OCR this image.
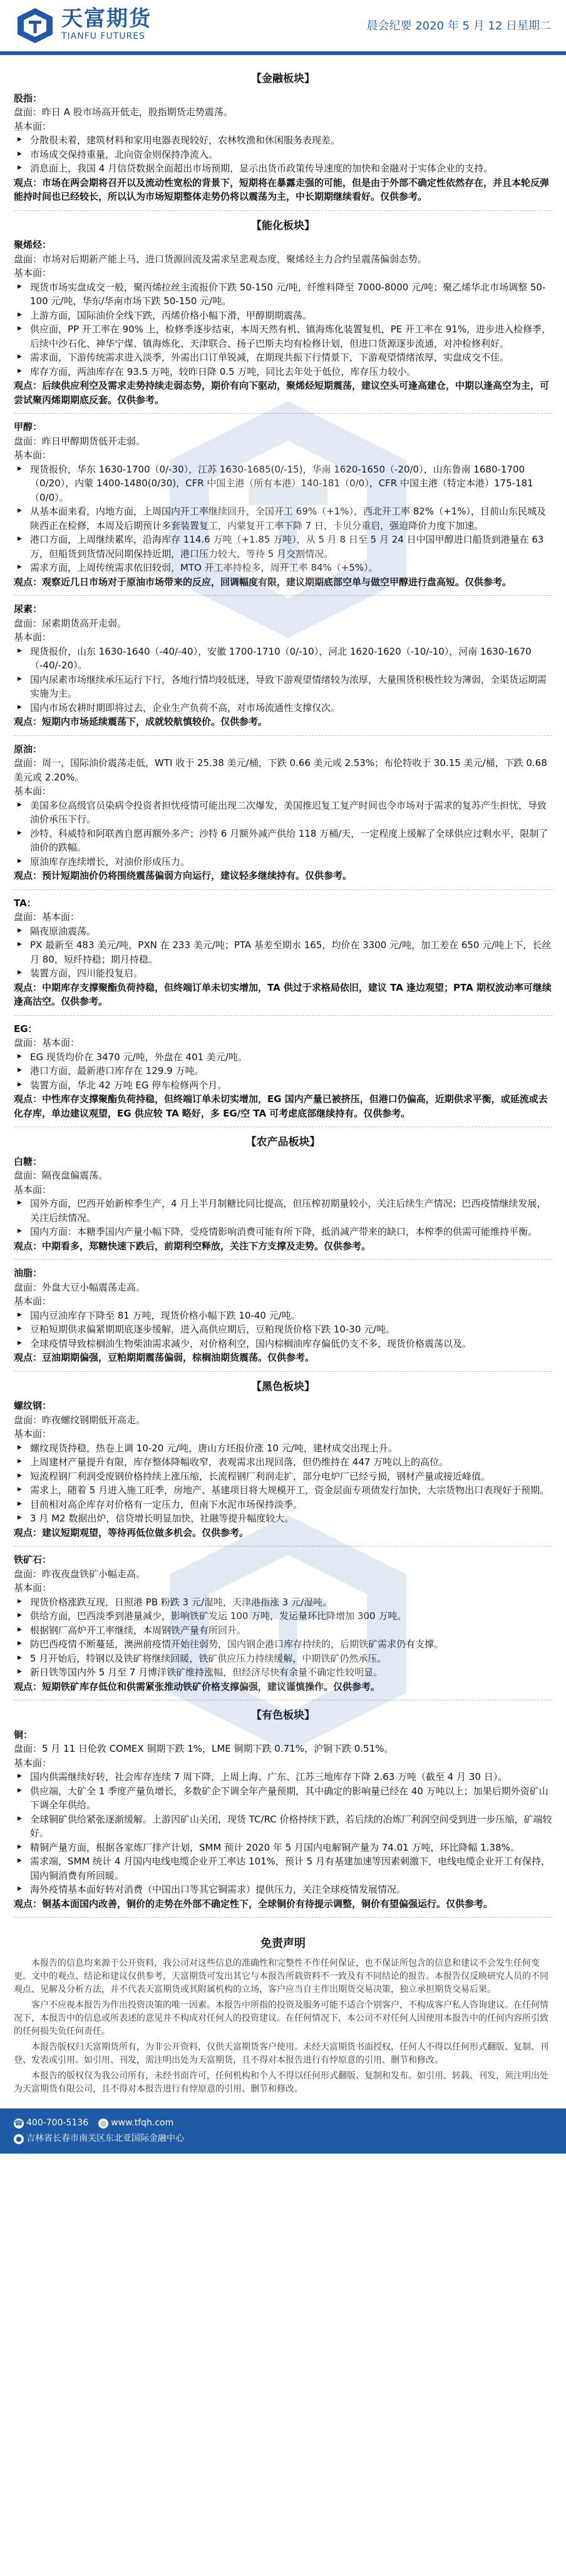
天富期货
TIANFU FUTURES
晨会纪要 2020 年 5 月 12 日星期二
【金融板块】
股指：
盘面：昨日 A 股市场高开低走，股指期货走势震荡。
基本面：
▶ 分散很未着，建筑材料和家用电器表现较好，农林牧渔和休闲服务表现差。
▶ 市场成交保持重量，北向资金则保持净流入。
▶ 消息面上，我国 4 月信贷数据全面超出市场预期，显示出货币政策传导速度的加快和金融对于实体企业的支持。
观点：市场在两会期将召开以及流动性宽松的背景下，短期将在暴露走强的可能，但是由于外部不确定性依然存在，并且本轮反弹能持时间也已经较长，所以认为市场短期整体走势仍将以震荡为主，中长期期继续看好。仅供参考。
【能化板块】
聚烯烃：
盘面：市场对后期新产能上马、进口货源回流及需求呈悲观态度，聚烯烃主力合约呈震荡偏弱态势。
基本面：
▶ 现货市场实盘成交一般，聚丙烯拉丝主流报价下跌 50-150 元/吨，纤维料降至 7000-8000 元/吨；聚乙烯华北市场调整 50-100 元/吨，华东/华南市场下跌 50-150 元/吨。
▶ 上游方面，国际油价全线下跌，丙烯价格小幅下滑，甲醇期期震荡。
▶ 供应面，PP 开工率在 90% 上，检修季逐步结束，本周天然有机、镇海炼化装置复机，PE 开工率在 91%，进步进入检修季，后续中沙石化、神华宁煤、镇海炼化、天津联合、扬子巴斯夫均有检修计划，但进口货源逐步流通，对冲检修利好。
▶ 需求面，下游传统需求进入淡季，外需出口订单锐减，在期现共振下行情景下，下游观望情绪浓厚，实盘成交不佳。
▶ 库存方面，两油库存在 93.5 万吨，较昨日降 0.5 万吨，同比去年处于低位，库存压力较小。
观点：后续供应利空及需求走势持续走弱态势，期价有向下驱动，聚烯烃短期震荡，建议空头可逢高建仓，中期以逢高空为主，可尝试聚丙烯期期底反套。仅供参考。
甲醇：
盘面：昨日甲醇期货低开走弱。
基本面：
▶ 现货报价，华东 1630-1700（0/-30），江苏 1630-1685(0/-15)，华南 1620-1650（-20/0），山东鲁南 1680-1700（0/20），内蒙 1400-1480(0/30)，CFR 中国主港（所有本港）140-181（0/0），CFR 中国主港（特定本港）175-181（0/0）。
▶ 从基本面来看，内地方面，上周国内开工率继续回升，全国开工 69%（+1%），西北开工率 82%（+1%），目前山东民城及陕西正在检修，本周及后期预计多套装置复工，内蒙复开工率下降 7 日，卡贝分重启，强迫降价力度下加速。
▶ 港口方面，上周继续累库，沿海库存 114.6 万吨（+1.85 万吨），从 5 月 8 日至 5 月 24 日中国甲醇进口船货到港量在 63 万，但船货到货情况同期保持近期，港口压力较大，等待 5 月交割情况。
▶ 需求方面，上周传统需求依旧较弱，MTO 开工率持检多，周开工率 84%（+5%）。
观点：观察近几日市场对于原油市场带来的反应，回调幅度有限，建议期期底部空单与做空甲醇进行盘高短。仅供参考。
尿素：
盘面：尿素期货高开走弱。
基本面：
▶ 现货报价，山东 1630-1640（-40/-40），安徽 1700-1710（0/-10），河北 1620-1620（-10/-10），河南 1630-1670（-40/-20）。
▶ 国内尿素市场继续承压运行下行，各地行情均较低迷，导致下游观望情绪较为浓厚，大量围货积极性较为薄弱，全渠货运期需实施为主。
▶ 国内市场农耕时期即将过去，企业生产负荷不高，对市场流通性支撑仅次。
观点：短期内市场延续震荡下，成就较航慎较价。仅供参考。
原油：
盘面：周一，国际油价震荡走低，WTI 收于 25.38 美元/桶，下跌 0.66 美元或 2.53%；布伦特收于 30.15 美元/桶，下跌 0.68 美元或 2.20%。
基本面：
▶ 美国多位高级官员染病令投资者担忧疫情可能出现二次爆发，美国推迟复工复产时间也令市场对于需求的复苏产生担忧，导致油价承压下行。
▶ 沙特、科威特和阿联酋自愿再额外多产；沙特 6 月额外减产供给 118 万桶/天，一定程度上缓解了全球供应过剩水平，限制了油价的跌幅。
▶ 原油库存连续增长，对油价形成压力。
观点：预计短期油价仍将围绕震荡偏弱方向运行，建议轻多继续持有。仅供参考。
TA：
盘面：基本面：
▶ 隔夜原油震荡。
▶ PX 最新至 483 美元/吨，PXN 在 233 美元/吨；PTA 基差至期水 165，均价在 3300 元/吨，加工差在 650 元/吨上下，长丝月 80，短纤持稳；期月持稳。
▶ 装置方面，四川能投复启。
观点：中期库存支撑聚酯负荷持稳，但终端订单未切实增加，TA 供过于求格局依旧，建议 TA 逢边观望；PTA 期权波动率可继续逢高沽空。仅供参考。
EG：
盘面：基本面：
▶ EG 现货均价在 3470 元/吨，外盘在 401 美元/吨。
▶ 港口方面，最新港口库存在 129.9 万吨。
▶ 装置方面，华北 42 万吨 EG 停车检修两个月。
观点：中性库存支撑聚酯负荷持稳，但终端订单未切实增加，EG 国内产量已被挤压，但港口仍偏高，近期供求平衡，或延流或去化存库，单边建议观望，EG 供应较 TA 略好，多 EG/空 TA 可考虑底部继续持有。仅供参考。
【农产品板块】
白糖：
盘面：隔夜盘偏震荡。
基本面：
▶ 国外方面，巴西开始新榨季生产，4 月上半月制糖比同比提高，但压榨初期量较小，关注后续生产情况；巴西疫情继续发展，关注后续情况。
▶ 国内方面：本糖季国内产量小幅下降，受疫情影响消费可能有所下降，抵消减产带来的缺口，本榨季的供需可能维持平衡。
观点：中期看多，郑糖快速下跌后，前期利空释放，关注下方支撑及走势。仅供参考。
油脂：
盘面：外盘大豆小幅震荡走高。
基本面：
▶ 国内豆油库存下降至 81 万吨，现货价格小幅下跌 10-40 元/吨。
▶ 豆粕短期供求偏紧期期底逐步缓解，进入高供应期后，豆粕现货价格下跌 10-30 元/吨。
▶ 全球疫情导致棕榈油生物柴油需求减少，对价格利空，国内棕榈油库存偏低仍支不多，现货价格震荡以及。
观点：豆油期期偏强，豆粕期期震荡偏弱，棕榈油期货震荡。仅供参考。
【黑色板块】
螺纹钢：
盘面：昨夜螺纹钢期低开高走。
基本面：
▶ 螺纹现货持稳，热卷上调 10-20 元/吨，唐山方坯报价涨 10 元/吨，建材成交出现上升。
▶ 上周建材产量提升有限，库存整体降幅收窄，表观需求出现回落，但仍维持在 447 万吨以上的高位。
▶ 短流程钢厂利润受废钢价格持续上涨压缩，长流程钢厂利润走扩，部分电炉厂已经亏损，钢材产量或接近峰值。
▶ 需求上，随着 5 月进入施工旺季，房地产、基建项目将大规模开工，资金层面专项债发行加快，大宗货物出口表现好于预期。
▶ 目前相对高企库存对价格有一定压力，但南下水泥市场保持淡季。
▶ 3 月 M2 数据出炉，信贷增长明显加快，社融等提升幅度较大。
观点：建议短期观望，等待再低位做多机会。仅供参考。
铁矿石：
盘面：昨夜夜盘铁矿小幅走高。
基本面：
▶ 现货价格涨跌互现，日照港 PB 粉跌 3 元/湿吨，天津港指涨 3 元/湿吨。
▶ 供给方面，巴西淡季到港量减少，影响铁矿发运 100 万吨，发运量环比降增加 300 万吨。
▶ 根据钢厂高炉开工率继续，本周钢铁产量有所回升。
▶ 防巴西疫情不断蔓延，澳洲前疫情开始往弱势，国内钢企港口库存持续的，后期铁矿需求仍有支撑。
▶ 5 月开始后，特钢以及铁矿将继续回暖，铁矿供应压力持续缓解，中期铁矿仍然承压。
▶ 新日铁等国内外 5 月至 7 月博洋铁矿维持涨幅，但经济尽快有余量不确定性较明显。
观点：短期铁矿库存低位和供需紧张推动铁矿价格支撑偏强，建议谨慎操作。仅供参考。
【有色板块】
铜：
盘面：5 月 11 日伦敦 COMEX 铜期下跌 1%，LME 铜期下跌 0.71%，沪铜下跌 0.51%。
基本面：
▶ 国内供需继续好转，社会库存连续 7 周下降，上周上海、广东、江苏三地库存下降 2.63 万吨（截至 4 月 30 日）。
▶ 供应端，大矿全 1 季度产量负增长，多数矿企下调全年产量预期，其中确定的影响量已经在 40 万吨以上；加果后期外资矿山下调全年供给。
▶ 全球铜矿供给紧张逐渐缓解。上游因矿山关闭，现货 TC/RC 价格持续下跌，若后续的冶炼厂利润空间受到进一步压缩，矿端较好。
▶ 精铜产量方面，根据各家炼厂排产计划，SMM 预计 2020 年 5 月国内电解铜产量为 74.01 万吨，环比降幅 1.38%。
▶ 需求端，SMM 统计 4 月国内电线电缆企业开工率达 101%，预计 5 月有基建加速等因素刺激下，电线电缆企业开工有保持，国内铜消费有所回暖。
▶ 海外疫情基本面好转对消费（中国出口等其它铜需求）提供压力，关注全球疫情发展情况。
观点：铜基本面国内改善，铜价的走势在外部不确定性下，全球铜价有待提示调整，铜价有望偏强运行。仅供参考。
免责声明

本报告的信息均来源于公开资料，我公司对这些信息的准确性和完整性不作任何保证，也不保证所包含的信息和建议不会发生任何变更。文中的观点、结论和建议仅供参考，天富期货可发出其它与本报告所载资料不一致及有不同结论的报告。本报告仅反映研究人员的不同观点、见解及分析方法，并不代表天富期货或其附属机构的立场，客户应当自主作出期货交易决策，独立承担期货交易后果。

客户不应视本报告为作出投资决策的唯一因素。本报告中所指的投资及服务可能不适合个别客户，不构成客户私人咨询建议。在任何情况下，本报告中的信息或所表述的意见并不构成对任何人的投资建议。在任何情况下，本公司不对任何人因使用本报告中的任何内容所引致的任何损失负任何责任。

本报告版权归天富期货所有，为非公开资料，仅供天富期货客户使用。未经天富期货书面授权，任何人不得以任何形式翻版、复制、刊登、发表或引用。如引用、刊发，需注明出处为天富期货，且不得对本报告进行有悖原意的引用、删节和修改。

本报告的版权仅为我公司所有，未经书面许可，任何机构和个人不得以任何形式翻版、复制和发布。如引用、转载、刊发，须注明出处为天富期货有限公司，且不得对本报告进行有悖原意的引用、删节和修改。

☎ 400-700-5136 ◎ www.tfqh.com
● 吉林省长春市南关区东北亚国际金融中心
